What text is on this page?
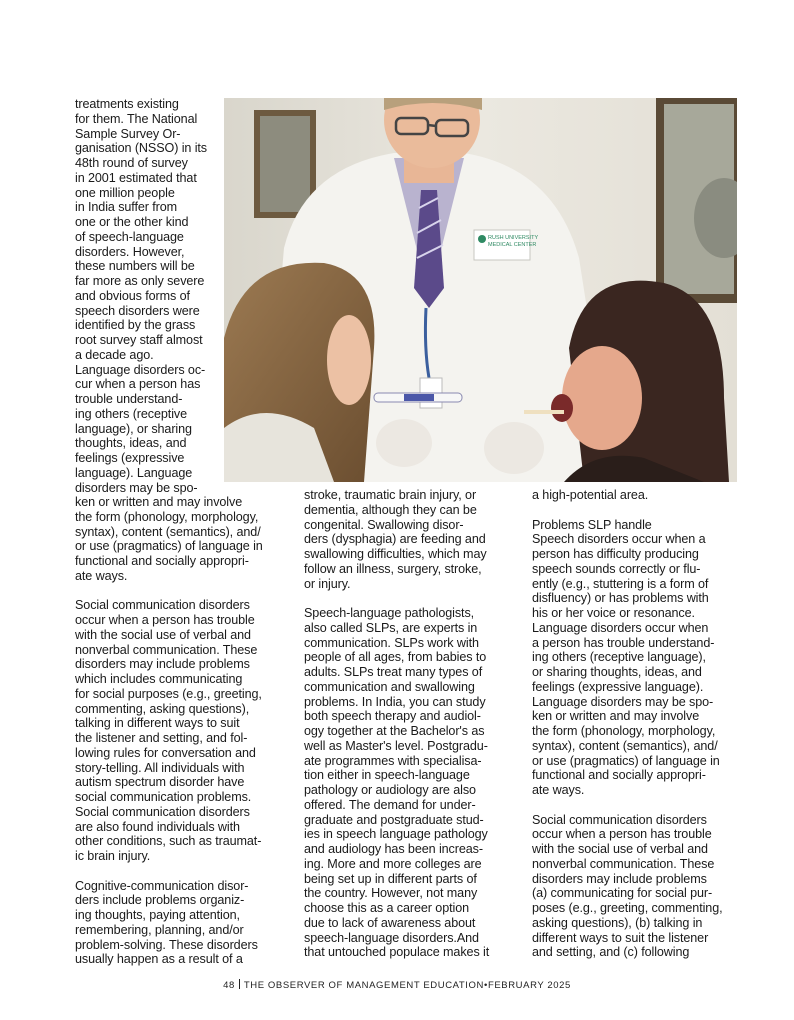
treatments existing
for them. The National
Sample Survey Or-
ganisation (NSSO) in its
48th round of survey
in 2001 estimated that
one million people
in India suffer from
one or the other kind
of speech-language
disorders. However,
these numbers will be
far more as only severe
and obvious forms of
speech disorders were
identified by the grass
root survey staff almost
a decade ago.
Language disorders oc-
cur when a person has
trouble understand-
ing others (receptive
language), or sharing
thoughts, ideas, and
feelings (expressive
language). Language
disorders may be spo-
ken or written and may involve
the form (phonology, morphology,
syntax), content (semantics), and/
or use (pragmatics) of language in
functional and socially appropri-
ate ways.
Social communication disorders
occur when a person has trouble
with the social use of verbal and
nonverbal communication. These
disorders may include problems
which includes communicating
for social purposes (e.g., greeting,
commenting, asking questions),
talking in different ways to suit
the listener and setting, and fol-
lowing rules for conversation and
story-telling. All individuals with
autism spectrum disorder have
social communication problems.
Social communication disorders
are also found individuals with
other conditions, such as traumat-
ic brain injury.
Cognitive-communication disor-
ders include problems organiz-
ing thoughts, paying attention,
remembering, planning, and/or
problem-solving. These disorders
usually happen as a result of a
stroke, traumatic brain injury, or
dementia, although they can be
congenital. Swallowing disor-
ders (dysphagia) are feeding and
swallowing difficulties, which may
follow an illness, surgery, stroke,
or injury.
Speech-language pathologists,
also called SLPs, are experts in
communication. SLPs work with
people of all ages, from babies to
adults. SLPs treat many types of
communication and swallowing
problems. In India, you can study
both speech therapy and audiol-
ogy together at the Bachelor's as
well as Master's level. Postgradu-
ate programmes with specialisa-
tion either in speech-language
pathology or audiology are also
offered. The demand for under-
graduate and postgraduate stud-
ies in speech language pathology
and audiology has been increas-
ing. More and more colleges are
being set up in different parts of
the country. However, not many
choose this as a career option
due to lack of awareness about
speech-language disorders.And
that untouched populace makes it
a high-potential area.
Problems SLP handle
Speech disorders occur when a
person has difficulty producing
speech sounds correctly or flu-
ently (e.g., stuttering is a form of
disfluency) or has problems with
his or her voice or resonance.
Language disorders occur when
a person has trouble understand-
ing others (receptive language),
or sharing thoughts, ideas, and
feelings (expressive language).
Language disorders may be spo-
ken or written and may involve
the form (phonology, morphology,
syntax), content (semantics), and/
or use (pragmatics) of language in
functional and socially appropri-
ate ways.
Social communication disorders
occur when a person has trouble
with the social use of verbal and
nonverbal communication. These
disorders may include problems
(a) communicating for social pur-
poses (e.g., greeting, commenting,
asking questions), (b) talking in
different ways to suit the listener
and setting, and (c) following
RUSH UNIVERSITY
MEDICAL CENTER
48 THE OBSERVER OF MANAGEMENT EDUCATION•FEBRUARY 2025
